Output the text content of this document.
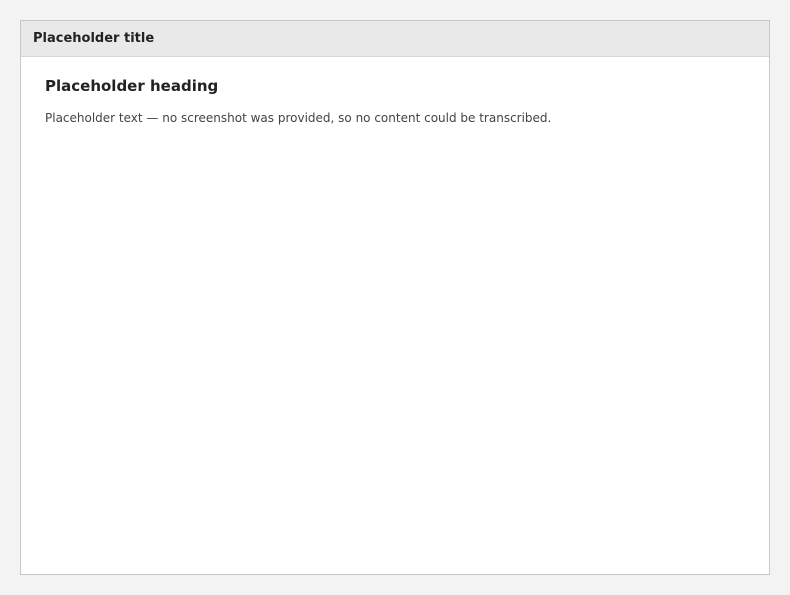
Placeholder title
Placeholder heading

Placeholder text — no screenshot was provided, so no content could be transcribed.
